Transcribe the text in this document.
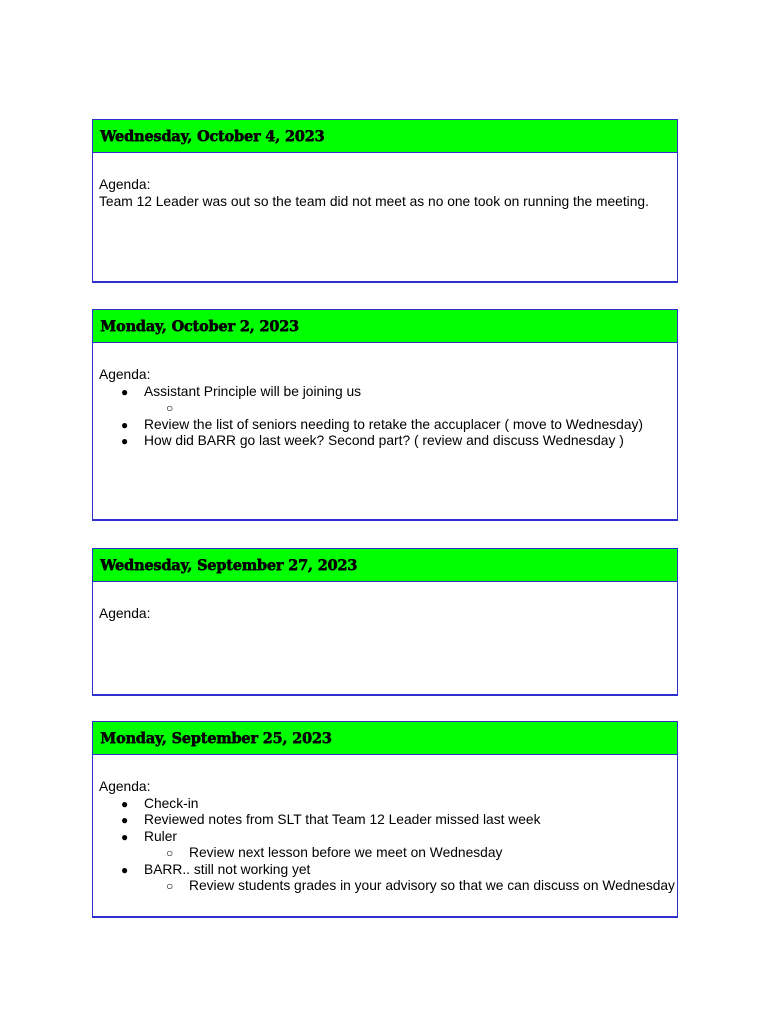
Wednesday, October 4, 2023

Agenda:

Team 12 Leader was out so the team did not meet as no one took on running the meeting.

Monday, October 2, 2023

Agenda:

● Assistant Principle will be joining us
○
● Review the list of seniors needing to retake the accuplacer ( move to Wednesday)
● How did BARR go last week? Second part? ( review and discuss Wednesday )
Wednesday, September 27, 2023

Agenda:

Monday, September 25, 2023

Agenda:

● Check-in
● Reviewed notes from SLT that Team 12 Leader missed last week
● Ruler
○ Review next lesson before we meet on Wednesday
● BARR.. still not working yet
○ Review students grades in your advisory so that we can discuss on Wednesday
